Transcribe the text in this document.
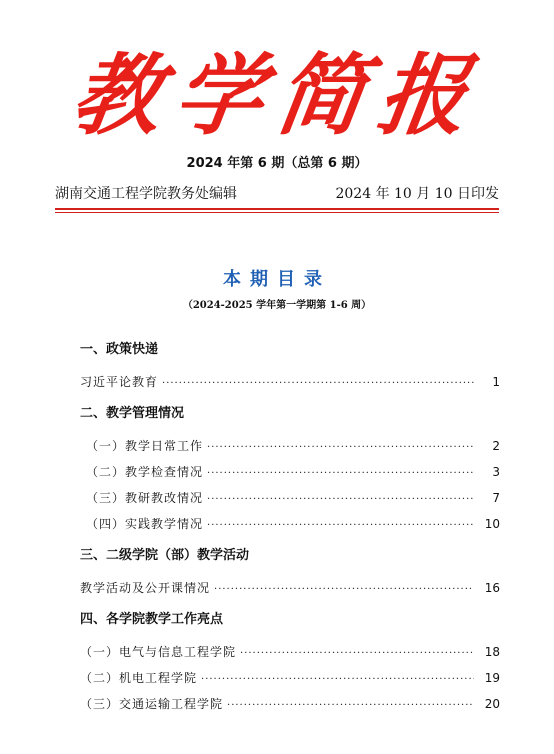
教学简报
2024 年第 6 期（总第 6 期）
湖南交通工程学院教务处编辑	2024 年 10 月 10 日印发
本期目录
（2024-2025 学年第一学期第 1-6 周）
一、政策快递
习近平论教育 ·····	1
二、教学管理情况
（一）教学日常工作 ·····	2
（二）教学检查情况 ·····	3
（三）教研教改情况 ·····	7
（四）实践教学情况 ·····	10
三、二级学院（部）教学活动
教学活动及公开课情况 ·····	16
四、各学院教学工作亮点
（一）电气与信息工程学院 ·····	18
（二）机电工程学院 ·····	19
（三）交通运输工程学院 ·····	20
